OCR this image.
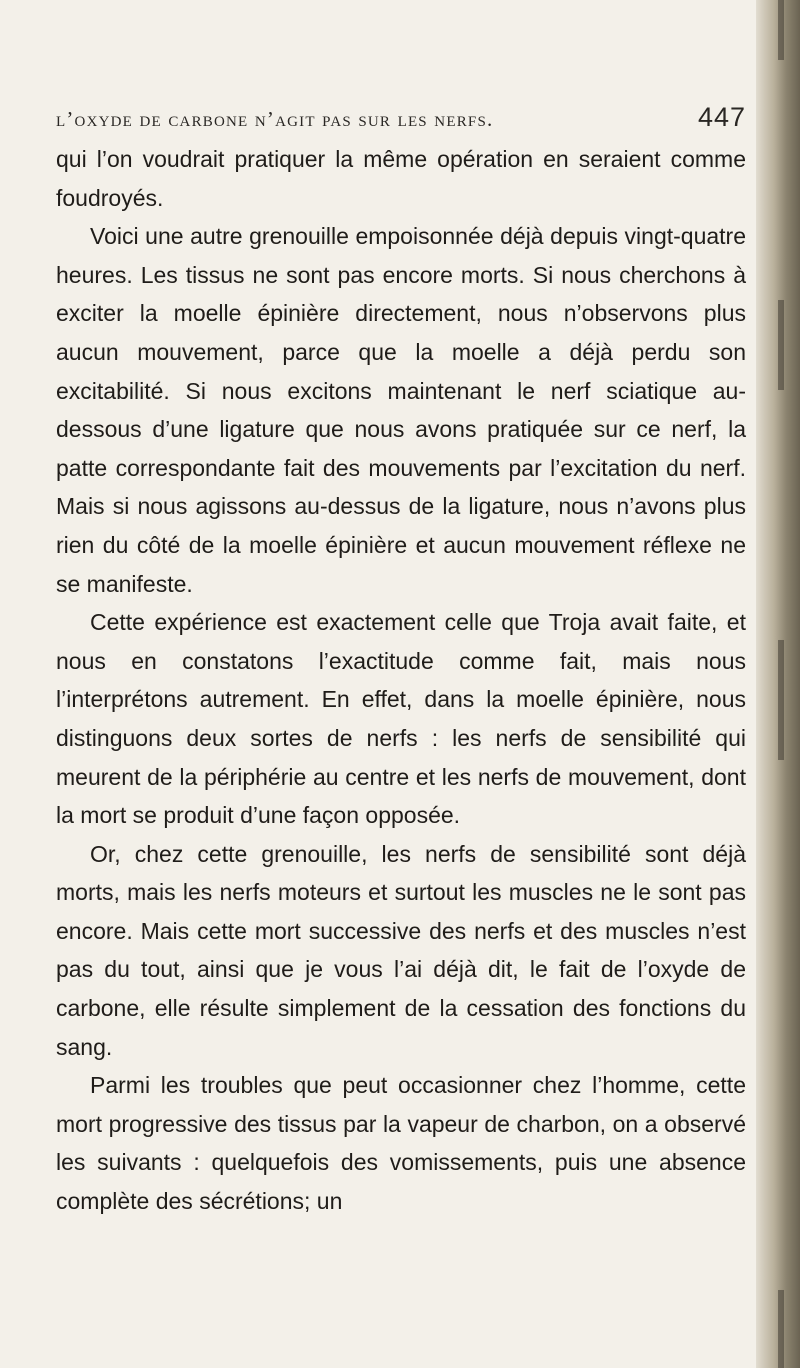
l’oxyde de carbone n’agit pas sur les nerfs.	447

qui l’on voudrait pratiquer la même opération en seraient comme foudroyés.

Voici une autre grenouille empoisonnée déjà depuis vingt-quatre heures. Les tissus ne sont pas encore morts. Si nous cherchons à exciter la moelle épinière directement, nous n’observons plus aucun mouvement, parce que la moelle a déjà perdu son excitabilité. Si nous excitons maintenant le nerf sciatique au-dessous d’une ligature que nous avons pratiquée sur ce nerf, la patte correspondante fait des mouvements par l’excitation du nerf. Mais si nous agissons au-dessus de la ligature, nous n’avons plus rien du côté de la moelle épinière et aucun mouvement réflexe ne se manifeste.

Cette expérience est exactement celle que Troja avait faite, et nous en constatons l’exactitude comme fait, mais nous l’interprétons autrement. En effet, dans la moelle épinière, nous distinguons deux sortes de nerfs : les nerfs de sensibilité qui meurent de la périphérie au centre et les nerfs de mouvement, dont la mort se produit d’une façon opposée.

Or, chez cette grenouille, les nerfs de sensibilité sont déjà morts, mais les nerfs moteurs et surtout les muscles ne le sont pas encore. Mais cette mort successive des nerfs et des muscles n’est pas du tout, ainsi que je vous l’ai déjà dit, le fait de l’oxyde de carbone, elle résulte simplement de la cessation des fonctions du sang.

Parmi les troubles que peut occasionner chez l’homme, cette mort progressive des tissus par la vapeur de charbon, on a observé les suivants : quelquefois des vomissements, puis une absence complète des sécrétions; un
